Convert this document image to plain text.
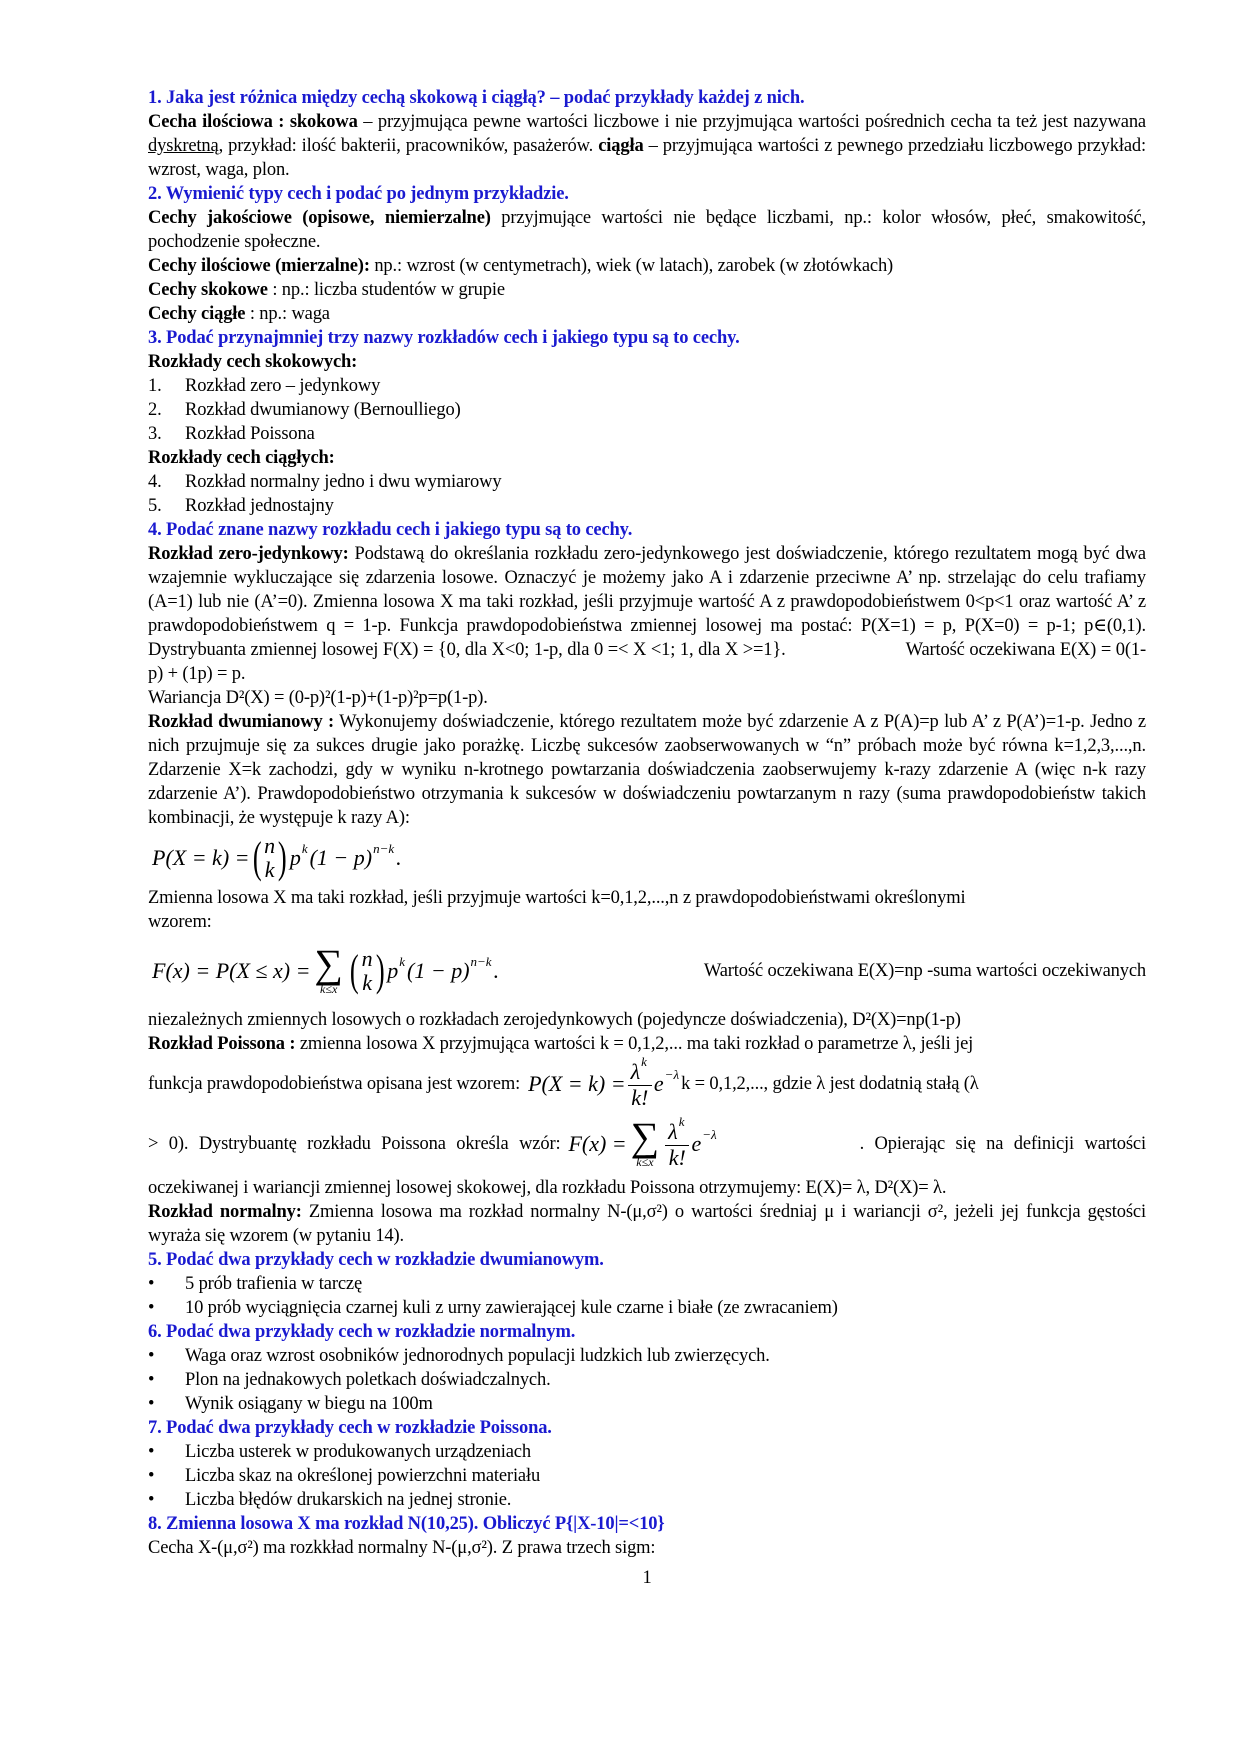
1. Jaka jest różnica między cechą skokową i ciągłą? – podać przykłady każdej z nich.
Cecha ilościowa : skokowa – przyjmująca pewne wartości liczbowe i nie przyjmująca wartości pośrednich cecha ta też jest nazywana dyskretną, przykład: ilość bakterii, pracowników, pasażerów. ciągła – przyjmująca wartości z pewnego przedziału liczbowego przykład: wzrost, waga, plon.
2. Wymienić typy cech i podać po jednym przykładzie.
Cechy jakościowe (opisowe, niemierzalne) przyjmujące wartości nie będące liczbami, np.: kolor włosów, płeć, smakowitość, pochodzenie społeczne.
Cechy ilościowe (mierzalne): np.: wzrost (w centymetrach), wiek (w latach), zarobek (w złotówkach)
Cechy skokowe : np.: liczba studentów w grupie
Cechy ciągłe : np.: waga
3. Podać przynajmniej trzy nazwy rozkładów cech i jakiego typu są to cechy.
Rozkłady cech skokowych:
1.	Rozkład zero – jedynkowy
2.	Rozkład dwumianowy (Bernoulliego)
3.	Rozkład Poissona
Rozkłady cech ciągłych:
4.	Rozkład normalny jedno i dwu wymiarowy
5.	Rozkład jednostajny
4. Podać znane nazwy rozkładu cech i jakiego typu są to cechy.
Rozkład zero-jedynkowy: Podstawą do określania rozkładu zero-jedynkowego jest doświadczenie, którego rezultatem mogą być dwa wzajemnie wykluczające się zdarzenia losowe. Oznaczyć je możemy jako A i zdarzenie przeciwne A’ np. strzelając do celu trafiamy (A=1) lub nie (A’=0). Zmienna losowa X ma taki rozkład, jeśli przyjmuje wartość A z prawdopodobieństwem 0<p<1 oraz wartość A’ z prawdopodobieństwem q = 1-p. Funkcja prawdopodobieństwa zmiennej losowej ma postać: P(X=1) = p, P(X=0) = p-1; p∈(0,1). Dystrybuanta zmiennej losowej F(X) = {0, dla X<0; 1-p, dla 0 =< X <1; 1, dla X >=1}.	Wartość oczekiwana E(X) = 0(1-p) + (1p) = p.
Wariancja D²(X) = (0-p)²(1-p)+(1-p)²p=p(1-p).
Rozkład dwumianowy : Wykonujemy doświadczenie, którego rezultatem może być zdarzenie A z P(A)=p lub A’ z P(A’)=1-p. Jedno z nich przujmuje się za sukces drugie jako porażkę. Liczbę sukcesów zaobserwowanych w “n” próbach może być równa k=1,2,3,...,n. Zdarzenie X=k zachodzi, gdy w wyniku n-krotnego powtarzania doświadczenia zaobserwujemy k-razy zdarzenie A (więc n-k razy zdarzenie A’). Prawdopodobieństwo otrzymania k sukcesów w doświadczeniu powtarzanym n razy (suma prawdopodobieństw takich kombinacji, że występuje k razy A):
P(X = k) = ( n
k ) p k (1 − p) n−k .
Zmienna losowa X ma taki rozkład, jeśli przyjmuje wartości k=0,1,2,...,n z prawdopodobieństwami określonymi wzorem:
F(x) = P(X ≤ x) = ∑
k≤x ( n
k ) p k (1 − p) n−k .	Wartość oczekiwana E(X)=np -suma wartości oczekiwanych
niezależnych zmiennych losowych o rozkładach zerojedynkowych (pojedyncze doświadczenia), D²(X)=np(1-p)
Rozkład Poissona : zmienna losowa X przyjmująca wartości k = 0,1,2,... ma taki rozkład o parametrze λ, jeśli jej
funkcja prawdopodobieństwa opisana jest wzorem: $P(X = k) = \frac{\text{λ k}}{k!}$ e −λ k = 0,1,2,..., gdzie λ jest dodatnią stałą (λ
> 0). Dystrybuantę rozkładu Poissona określa wzór: F(x) = ∑
$k\le x \frac{\text{λ k}}{k!}$ e −λ	. Opierając się na definicji wartości
oczekiwanej i wariancji zmiennej losowej skokowej, dla rozkładu Poissona otrzymujemy: E(X)= λ, D²(X)= λ.
Rozkład normalny: Zmienna losowa ma rozkład normalny N-(μ,σ²) o wartości średniaj μ i wariancji σ², jeżeli jej funkcja gęstości wyraża się wzorem (w pytaniu 14).
5. Podać dwa przykłady cech w rozkładzie dwumianowym.
•	5 prób trafienia w tarczę
•	10 prób wyciągnięcia czarnej kuli z urny zawierającej kule czarne i białe (ze zwracaniem)
6. Podać dwa przykłady cech w rozkładzie normalnym.
•	Waga oraz wzrost osobników jednorodnych populacji ludzkich lub zwierzęcych.
•	Plon na jednakowych poletkach doświadczalnych.
•	Wynik osiągany w biegu na 100m
7. Podać dwa przykłady cech w rozkładzie Poissona.
•	Liczba usterek w produkowanych urządzeniach
•	Liczba skaz na określonej powierzchni materiału
•	Liczba błędów drukarskich na jednej stronie.
8. Zmienna losowa X ma rozkład N(10,25). Obliczyć P{|X-10|=<10}
Cecha X-(μ,σ²) ma rozkkład normalny N-(μ,σ²). Z prawa trzech sigm:
1
